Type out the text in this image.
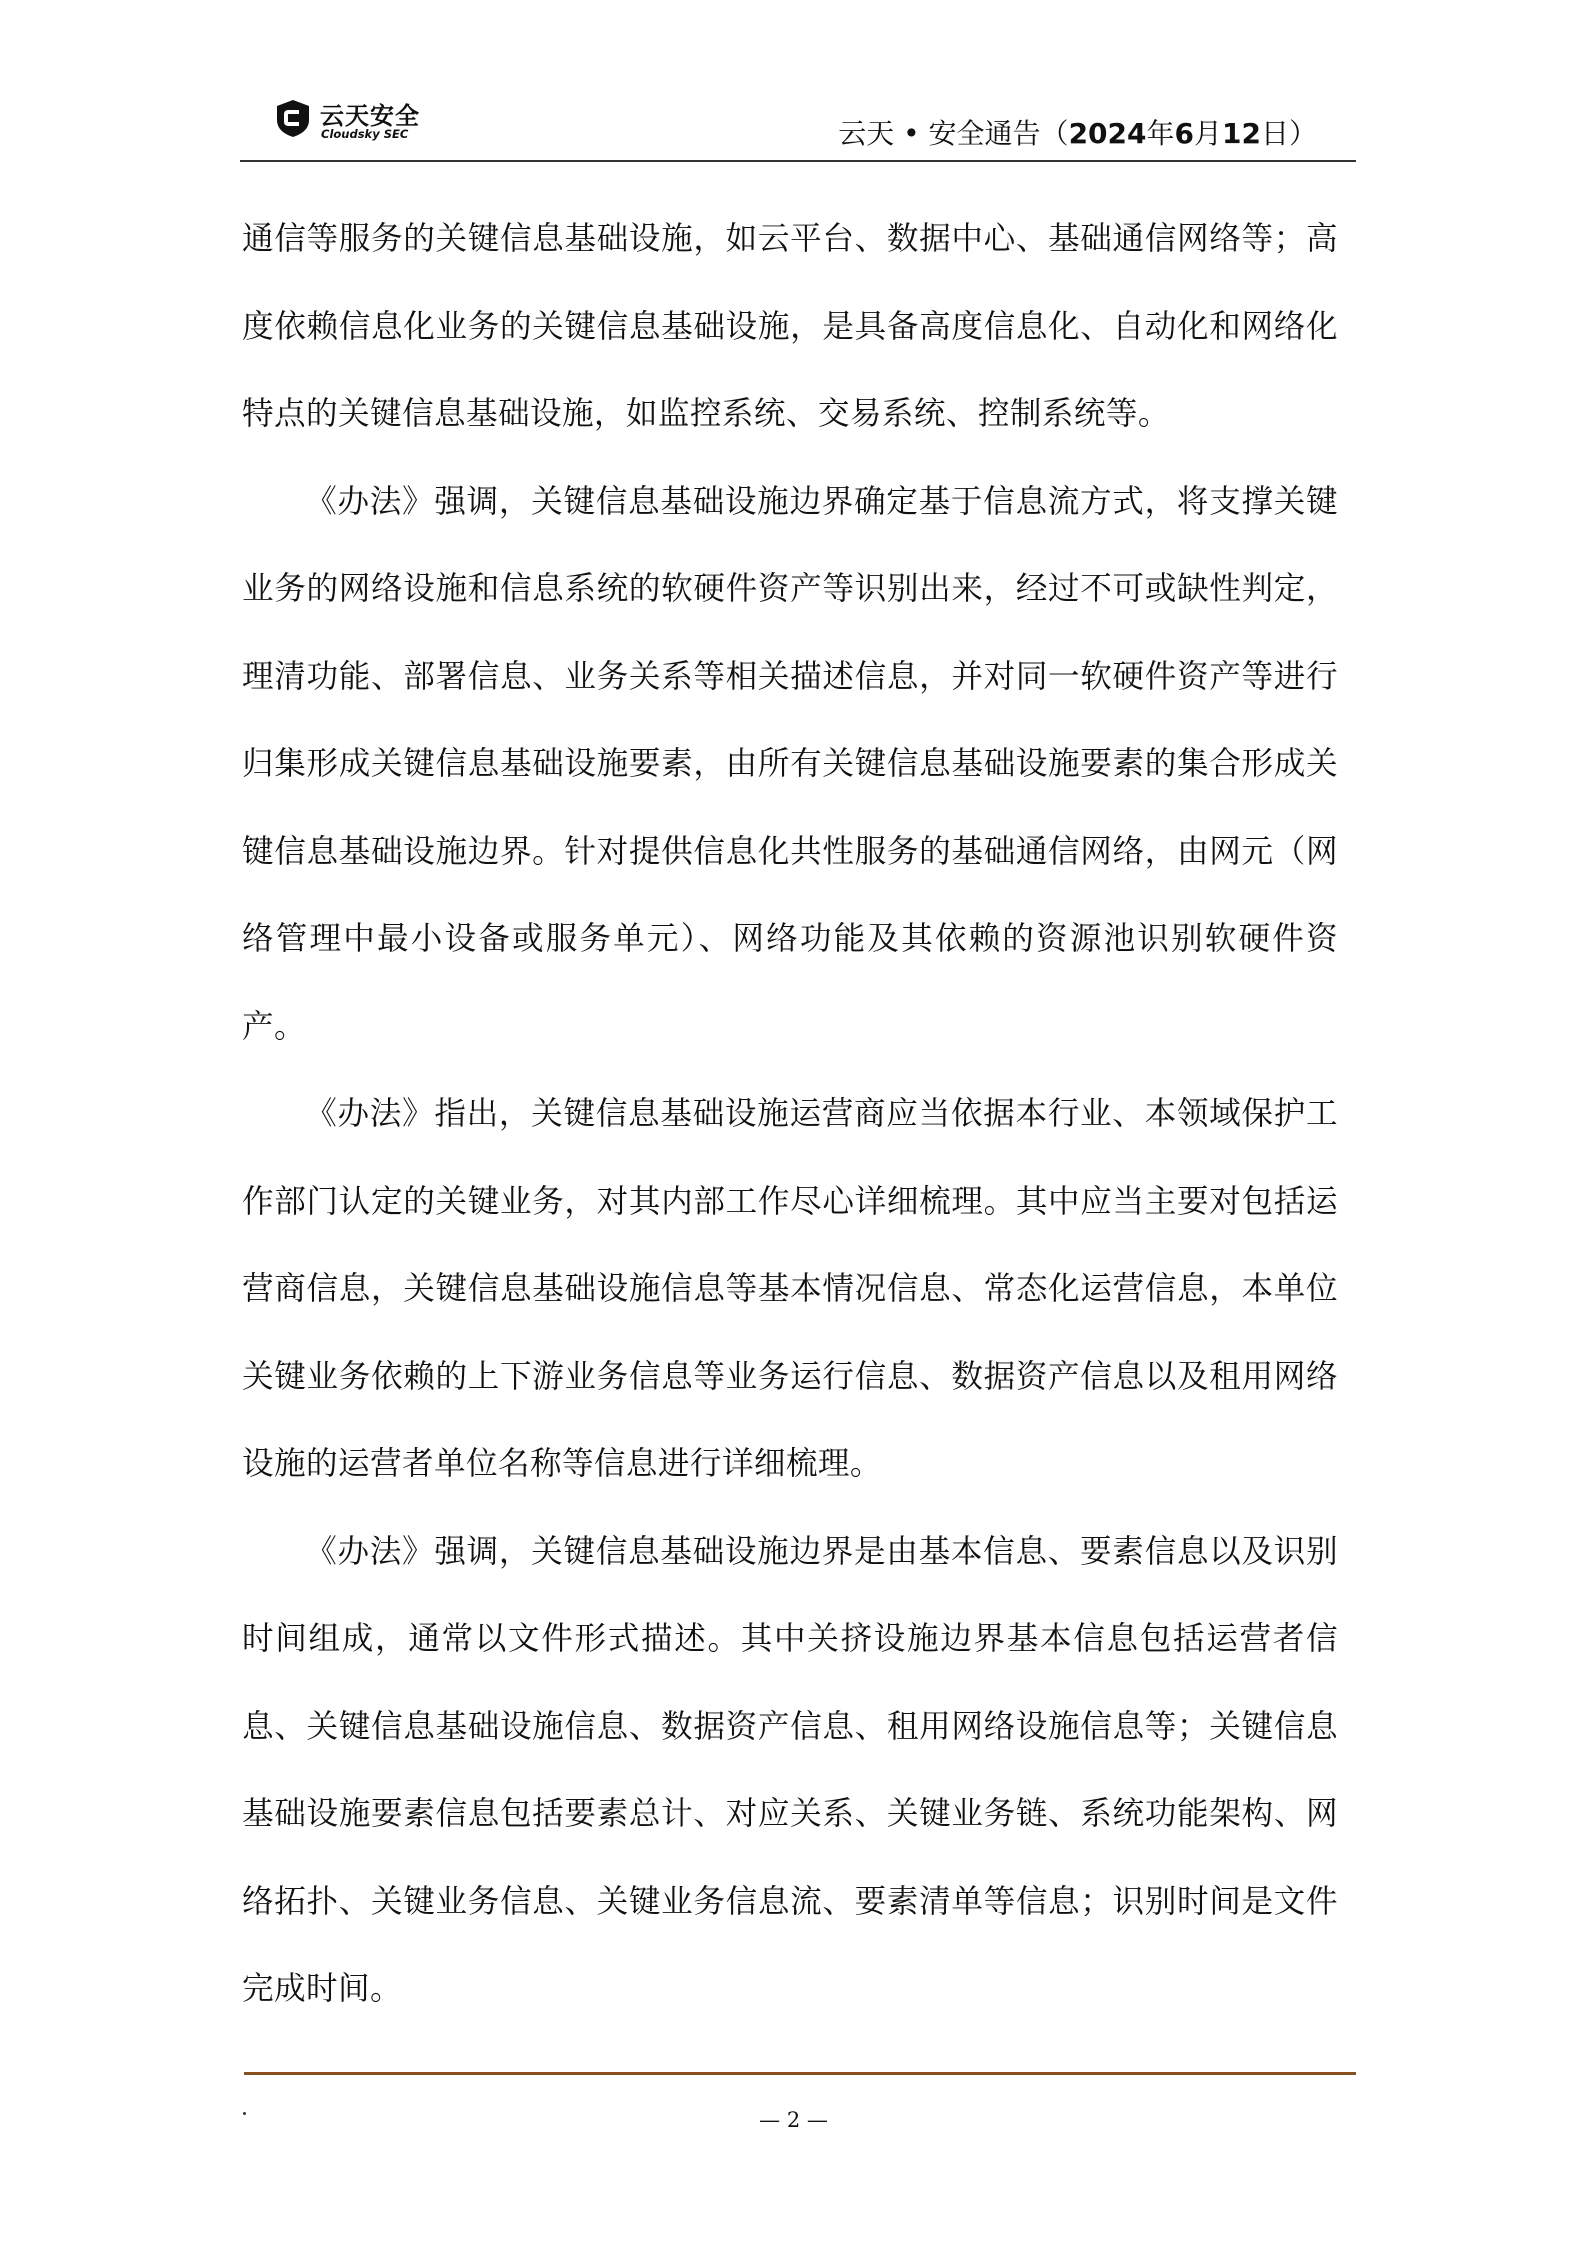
云天安全
Cloudsky SEC	云天 • 安全通告（2024年6月12日）

通信等服务的关键信息基础设施，如云平台、数据中心、基础通信网络等；高度依赖信息化业务的关键信息基础设施，是具备高度信息化、自动化和网络化特点的关键信息基础设施，如监控系统、交易系统、控制系统等。

《办法》强调，关键信息基础设施边界确定基于信息流方式，将支撑关键业务的网络设施和信息系统的软硬件资产等识别出来，经过不可或缺性判定，理清功能、部署信息、业务关系等相关描述信息，并对同一软硬件资产等进行归集形成关键信息基础设施要素，由所有关键信息基础设施要素的集合形成关键信息基础设施边界。针对提供信息化共性服务的基础通信网络，由网元（网络管理中最小设备或服务单元）、网络功能及其依赖的资源池识别软硬件资产。

《办法》指出，关键信息基础设施运营商应当依据本行业、本领域保护工作部门认定的关键业务，对其内部工作尽心详细梳理。其中应当主要对包括运营商信息，关键信息基础设施信息等基本情况信息、常态化运营信息，本单位关键业务依赖的上下游业务信息等业务运行信息、数据资产信息以及租用网络设施的运营者单位名称等信息进行详细梳理。

《办法》强调，关键信息基础设施边界是由基本信息、要素信息以及识别时间组成，通常以文件形式描述。其中关挤设施边界基本信息包括运营者信息、关键信息基础设施信息、数据资产信息、租用网络设施信息等；关键信息基础设施要素信息包括要素总计、对应关系、关键业务链、系统功能架构、网络拓扑、关键业务信息、关键业务信息流、要素清单等信息；识别时间是文件完成时间。

— 2 —
